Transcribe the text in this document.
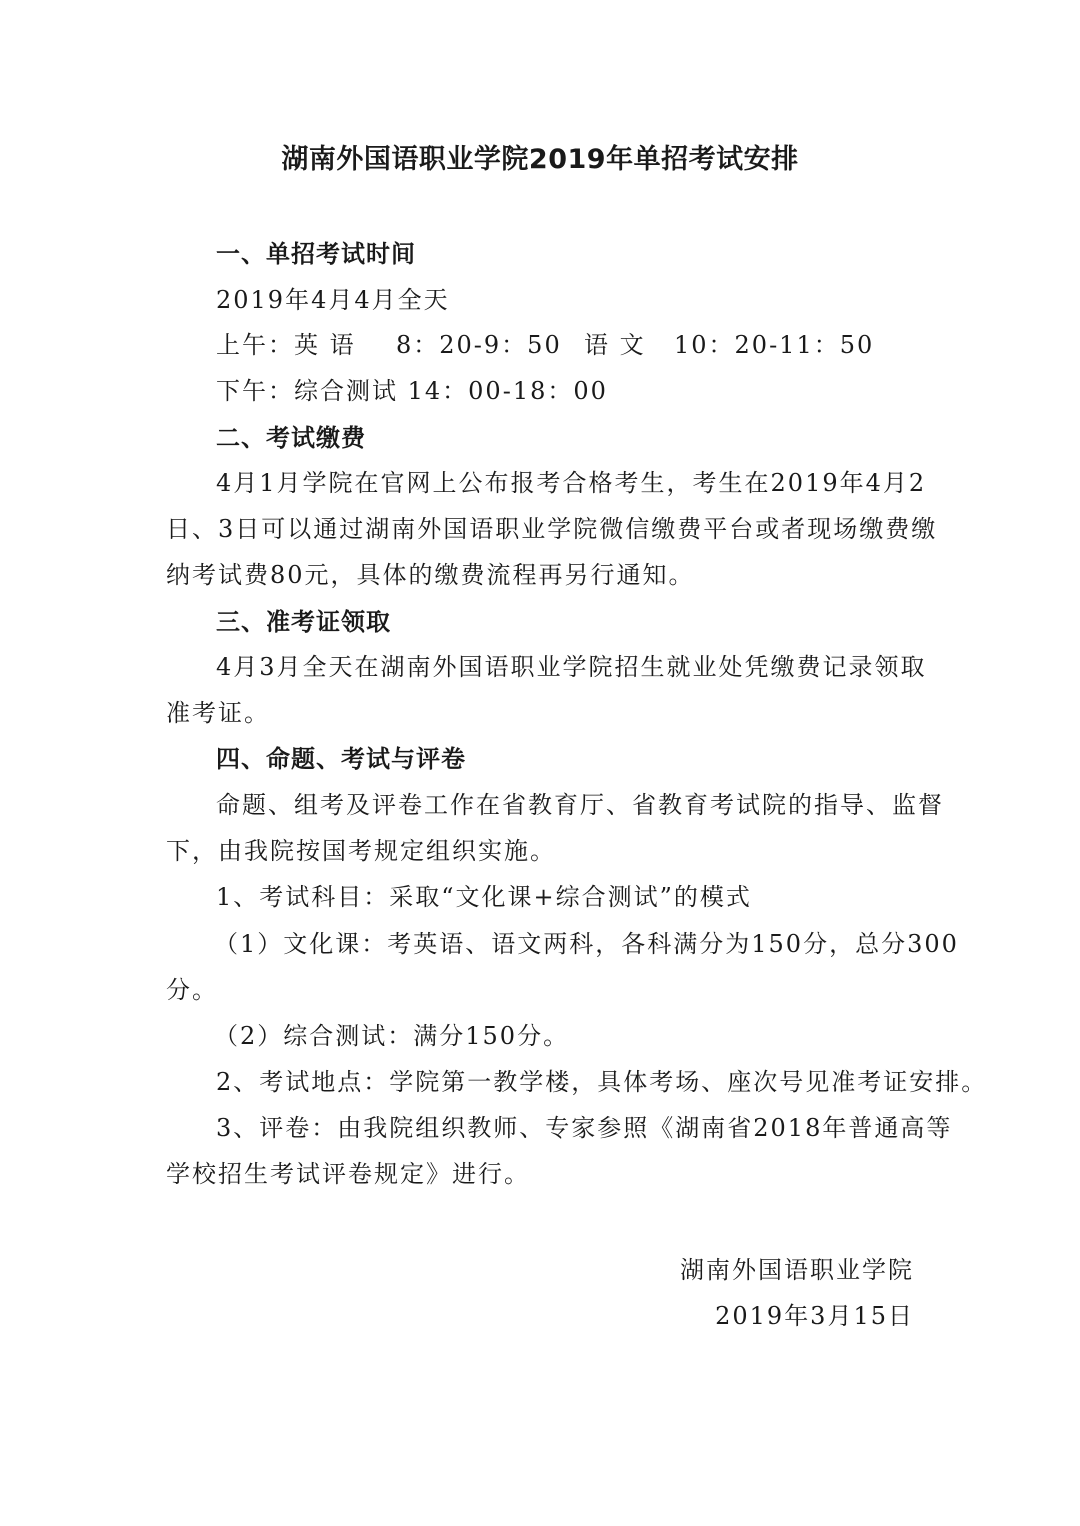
湖南外国语职业学院2019年单招考试安排
一、单招考试时间
2019年4月4月全天
上午：英 语 8：20-9：50 语 文 10：20-11：50
下午：综合测试 14：00-18：00
二、考试缴费
4月1月学院在官网上公布报考合格考生，考生在2019年4月2
日、3日可以通过湖南外国语职业学院微信缴费平台或者现场缴费缴
纳考试费80元，具体的缴费流程再另行通知。
三、准考证领取
4月3月全天在湖南外国语职业学院招生就业处凭缴费记录领取
准考证。
四、命题、考试与评卷
命题、组考及评卷工作在省教育厅、省教育考试院的指导、监督
下，由我院按国考规定组织实施。
1、考试科目：采取“文化课+综合测试”的模式
（1）文化课：考英语、语文两科，各科满分为150分，总分300
分。
（2）综合测试：满分150分。
2、考试地点：学院第一教学楼，具体考场、座次号见准考证安排。
3、评卷：由我院组织教师、专家参照《湖南省2018年普通高等
学校招生考试评卷规定》进行。
湖南外国语职业学院
2019年3月15日
